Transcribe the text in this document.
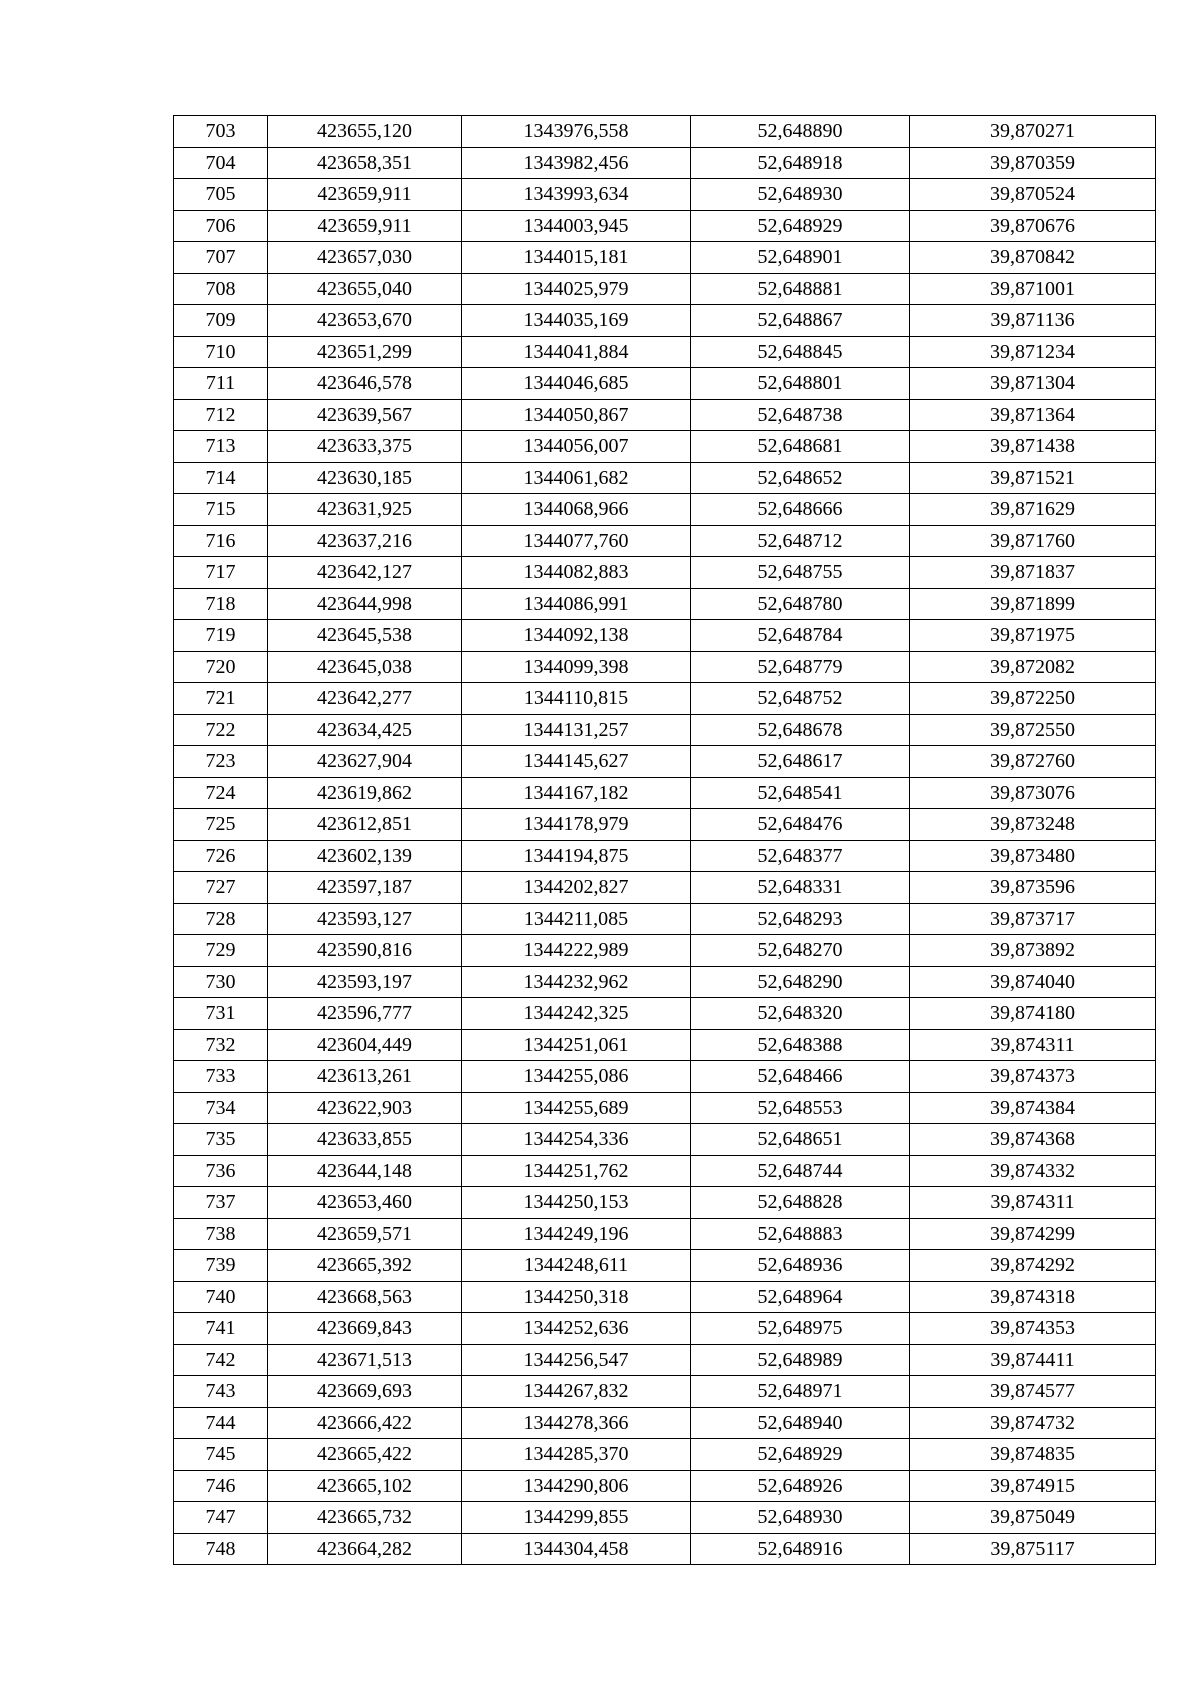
703	423655,120	1343976,558	52,648890	39,870271
704	423658,351	1343982,456	52,648918	39,870359
705	423659,911	1343993,634	52,648930	39,870524
706	423659,911	1344003,945	52,648929	39,870676
707	423657,030	1344015,181	52,648901	39,870842
708	423655,040	1344025,979	52,648881	39,871001
709	423653,670	1344035,169	52,648867	39,871136
710	423651,299	1344041,884	52,648845	39,871234
711	423646,578	1344046,685	52,648801	39,871304
712	423639,567	1344050,867	52,648738	39,871364
713	423633,375	1344056,007	52,648681	39,871438
714	423630,185	1344061,682	52,648652	39,871521
715	423631,925	1344068,966	52,648666	39,871629
716	423637,216	1344077,760	52,648712	39,871760
717	423642,127	1344082,883	52,648755	39,871837
718	423644,998	1344086,991	52,648780	39,871899
719	423645,538	1344092,138	52,648784	39,871975
720	423645,038	1344099,398	52,648779	39,872082
721	423642,277	1344110,815	52,648752	39,872250
722	423634,425	1344131,257	52,648678	39,872550
723	423627,904	1344145,627	52,648617	39,872760
724	423619,862	1344167,182	52,648541	39,873076
725	423612,851	1344178,979	52,648476	39,873248
726	423602,139	1344194,875	52,648377	39,873480
727	423597,187	1344202,827	52,648331	39,873596
728	423593,127	1344211,085	52,648293	39,873717
729	423590,816	1344222,989	52,648270	39,873892
730	423593,197	1344232,962	52,648290	39,874040
731	423596,777	1344242,325	52,648320	39,874180
732	423604,449	1344251,061	52,648388	39,874311
733	423613,261	1344255,086	52,648466	39,874373
734	423622,903	1344255,689	52,648553	39,874384
735	423633,855	1344254,336	52,648651	39,874368
736	423644,148	1344251,762	52,648744	39,874332
737	423653,460	1344250,153	52,648828	39,874311
738	423659,571	1344249,196	52,648883	39,874299
739	423665,392	1344248,611	52,648936	39,874292
740	423668,563	1344250,318	52,648964	39,874318
741	423669,843	1344252,636	52,648975	39,874353
742	423671,513	1344256,547	52,648989	39,874411
743	423669,693	1344267,832	52,648971	39,874577
744	423666,422	1344278,366	52,648940	39,874732
745	423665,422	1344285,370	52,648929	39,874835
746	423665,102	1344290,806	52,648926	39,874915
747	423665,732	1344299,855	52,648930	39,875049
748	423664,282	1344304,458	52,648916	39,875117
